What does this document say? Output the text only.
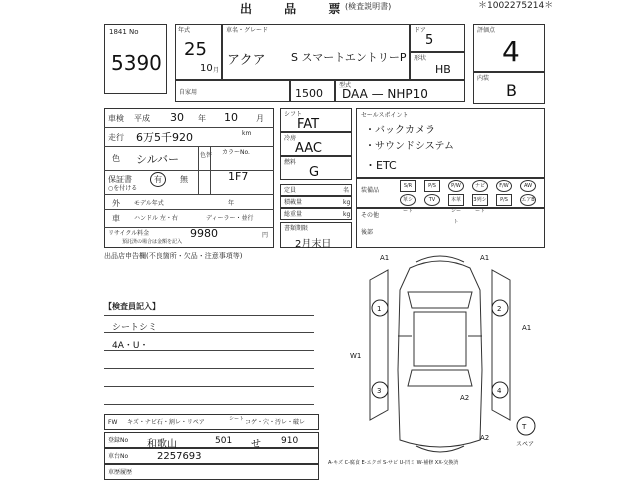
出 品 票
(検査説明書)	＊1002275214＊
1841 No
5390
年式
25
10 月
車名・グレード
アクア S スマートエントリーP
ドア
5
形状
HB
評価点
4
内装
B
自家用	1500
型式
DAA — NHP10
車検 平成 30 年 10 月
走行 6万5千920	km
色 シルバー	色替 カラーNo.
1F7
保証書
○を付ける
有 無
外 モデル年式	年
車 ハンドル 左・右	ディーラー・並行
リサイクル料金	9980	円
預託済の場合は金額を記入
シフト
FAT
冷房
AAC
燃料
G
定員	名
積載量	kg
総重量	kg
書類期限
2月末日
セールスポイント
・バックカメラ
・サウンドシステム
・ETC
装備品
S/R	P/S	P/W	ナビ	F/W	AW
革シート
TV	本革シート
3列シート
P/S	エアB
その他
後部
出品店申告欄(不良箇所・欠品・注意事項等)
【検査員記入】
シートシミ
4A・U・
FW キズ・ナビ石・割レ・リペア	シート コゲ・穴・汚レ・破レ
登録No 和歌山	501 せ 910
車台No	2257693
車歴履歴
1	2
3	4
T
スペア
A1	A1
A2
A2
A1
W1
A-キズ C-腐食 E-エクボ S-サビ U-凹ミ W-補修 XX-交換済
